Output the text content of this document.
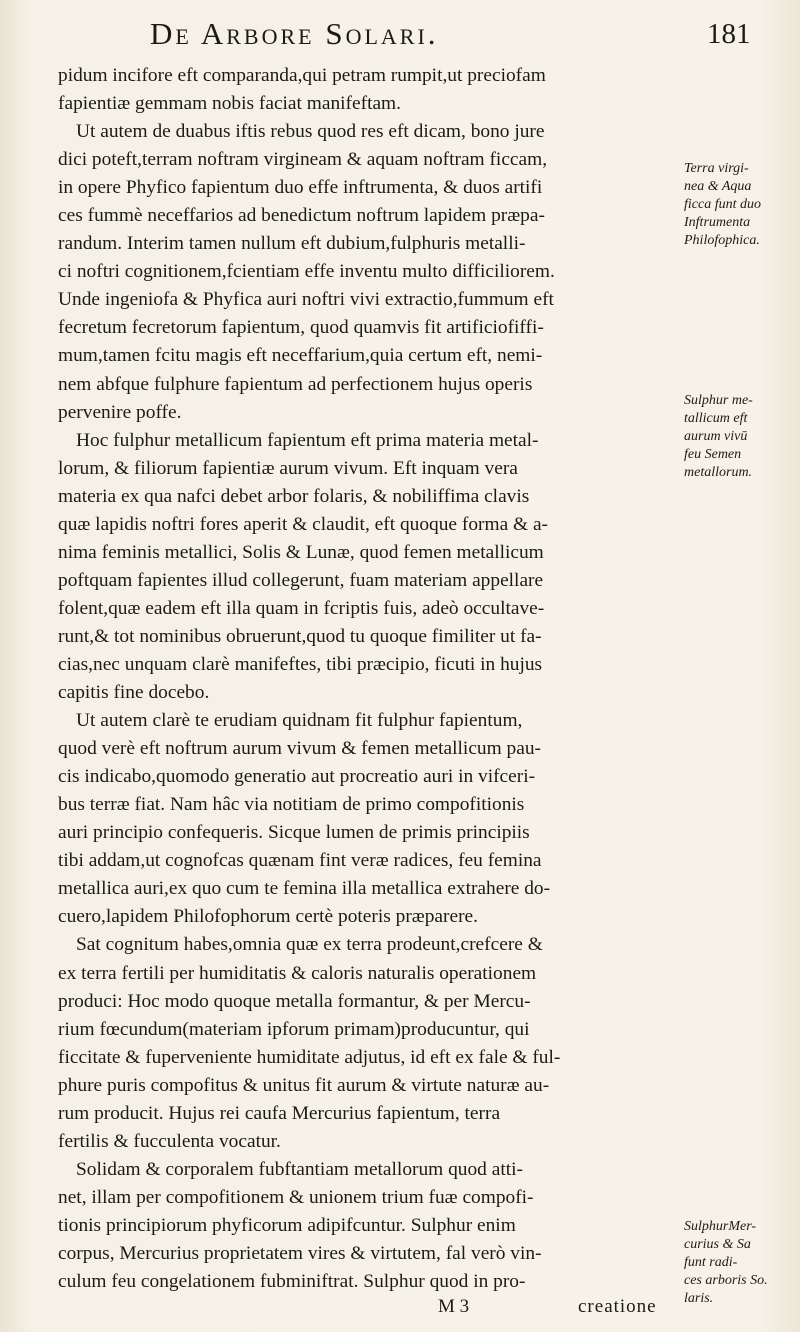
De Arbore Solari.	181
pidum incifore eft comparanda,qui petram rumpit,ut preciofam
fapientiæ gemmam nobis faciat manifeftam.
Ut autem de duabus iftis rebus quod res eft dicam, bono jure
dici poteft,terram noftram virgineam & aquam noftram ficcam,
in opere Phyfico fapientum duo effe inftrumenta, & duos artifi
ces fummè neceffarios ad benedictum noftrum lapidem præpa-
randum. Interim tamen nullum eft dubium,fulphuris metalli-
ci noftri cognitionem,fcientiam effe inventu multo difficiliorem.
Unde ingeniofa & Phyfica auri noftri vivi extractio,fummum eft
fecretum fecretorum fapientum, quod quamvis fit artificiofiffi-
mum,tamen fcitu magis eft neceffarium,quia certum eft, nemi-
nem abfque fulphure fapientum ad perfectionem hujus operis
pervenire poffe.
Hoc fulphur metallicum fapientum eft prima materia metal-
lorum, & filiorum fapientiæ aurum vivum. Eft inquam vera
materia ex qua nafci debet arbor folaris, & nobiliffima clavis
quæ lapidis noftri fores aperit & claudit, eft quoque forma & a-
nima feminis metallici, Solis & Lunæ, quod femen metallicum
poftquam fapientes illud collegerunt, fuam materiam appellare
folent,quæ eadem eft illa quam in fcriptis fuis, adeò occultave-
runt,& tot nominibus obruerunt,quod tu quoque fimiliter ut fa-
cias,nec unquam clarè manifeftes, tibi præcipio, ficuti in hujus
capitis fine docebo.
Ut autem clarè te erudiam quidnam fit fulphur fapientum,
quod verè eft noftrum aurum vivum & femen metallicum pau-
cis indicabo,quomodo generatio aut procreatio auri in vifceri-
bus terræ fiat. Nam hâc via notitiam de primo compofitionis
auri principio confequeris. Sicque lumen de primis principiis
tibi addam,ut cognofcas quænam fint veræ radices, feu femina
metallica auri,ex quo cum te femina illa metallica extrahere do-
cuero,lapidem Philofophorum certè poteris præparere.
Sat cognitum habes,omnia quæ ex terra prodeunt,crefcere &
ex terra fertili per humiditatis & caloris naturalis operationem
produci: Hoc modo quoque metalla formantur, & per Mercu-
rium fœcundum(materiam ipforum primam)producuntur, qui
ficcitate & fuperveniente humiditate adjutus, id eft ex fale & ful-
phure puris compofitus & unitus fit aurum & virtute naturæ au-
rum producit. Hujus rei caufa Mercurius fapientum, terra
fertilis & fucculenta vocatur.
Solidam & corporalem fubftantiam metallorum quod atti-
net, illam per compofitionem & unionem trium fuæ compofi-
tionis principiorum phyficorum adipifcuntur. Sulphur enim
corpus, Mercurius proprietatem vires & virtutem, fal verò vin-
culum feu congelationem fubminiftrat. Sulphur quod in pro-
Terra virgi-
nea & Aqua
ficca funt duo
Inftrumenta
Philofophica.
Sulphur me-
tallicum eft
aurum vivū
feu Semen
metallorum.
SulphurMer-
curius & Sa
funt radi-
ces arboris So.
laris.
M 3	creatione
